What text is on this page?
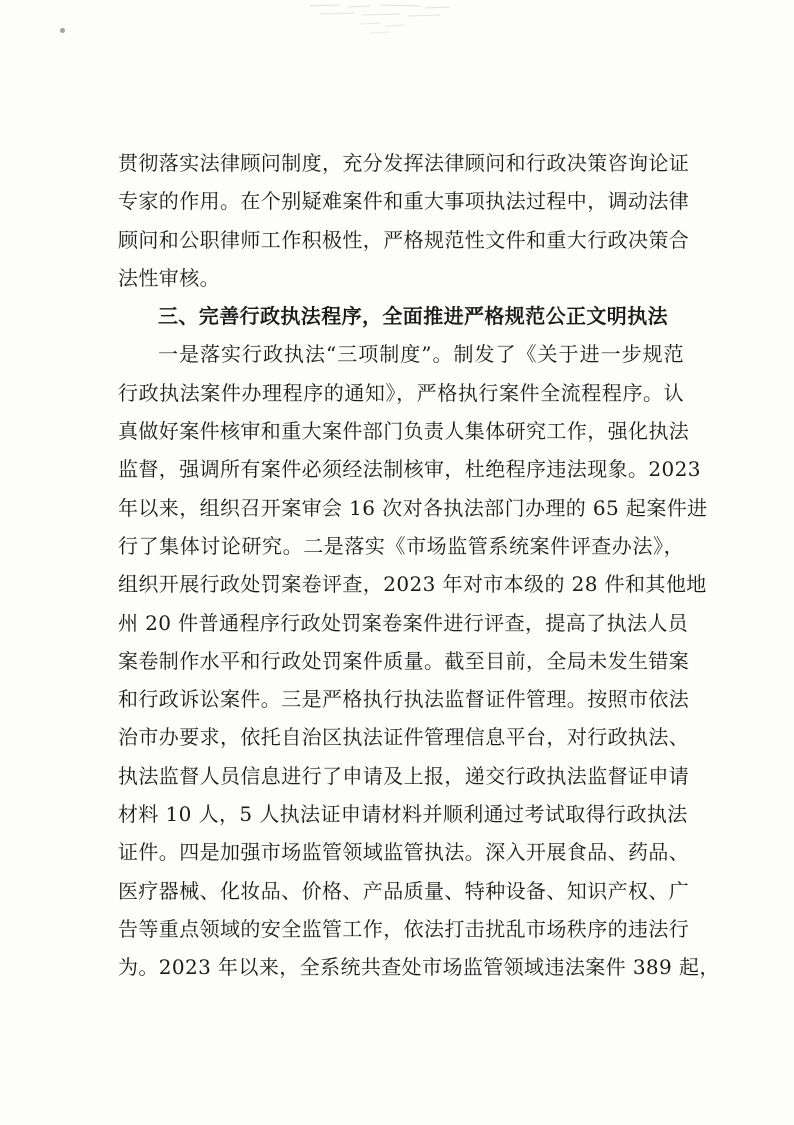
贯彻落实法律顾问制度，充分发挥法律顾问和行政决策咨询论证
专家的作用。在个别疑难案件和重大事项执法过程中，调动法律
顾问和公职律师工作积极性，严格规范性文件和重大行政决策合
法性审核。
三、完善行政执法程序，全面推进严格规范公正文明执法
一是落实行政执法“三项制度”。制发了《关于进一步规范
行政执法案件办理程序的通知》，严格执行案件全流程程序。认
真做好案件核审和重大案件部门负责人集体研究工作，强化执法
监督，强调所有案件必须经法制核审，杜绝程序违法现象。2023
年以来，组织召开案审会 16 次对各执法部门办理的 65 起案件进
行了集体讨论研究。二是落实《市场监管系统案件评查办法》，
组织开展行政处罚案卷评查，2023 年对市本级的 28 件和其他地
州 20 件普通程序行政处罚案卷案件进行评查，提高了执法人员
案卷制作水平和行政处罚案件质量。截至目前，全局未发生错案
和行政诉讼案件。三是严格执行执法监督证件管理。按照市依法
治市办要求，依托自治区执法证件管理信息平台，对行政执法、
执法监督人员信息进行了申请及上报，递交行政执法监督证申请
材料 10 人，5 人执法证申请材料并顺利通过考试取得行政执法
证件。四是加强市场监管领域监管执法。深入开展食品、药品、
医疗器械、化妆品、价格、产品质量、特种设备、知识产权、广
告等重点领域的安全监管工作，依法打击扰乱市场秩序的违法行
为。2023 年以来，全系统共查处市场监管领域违法案件 389 起，
